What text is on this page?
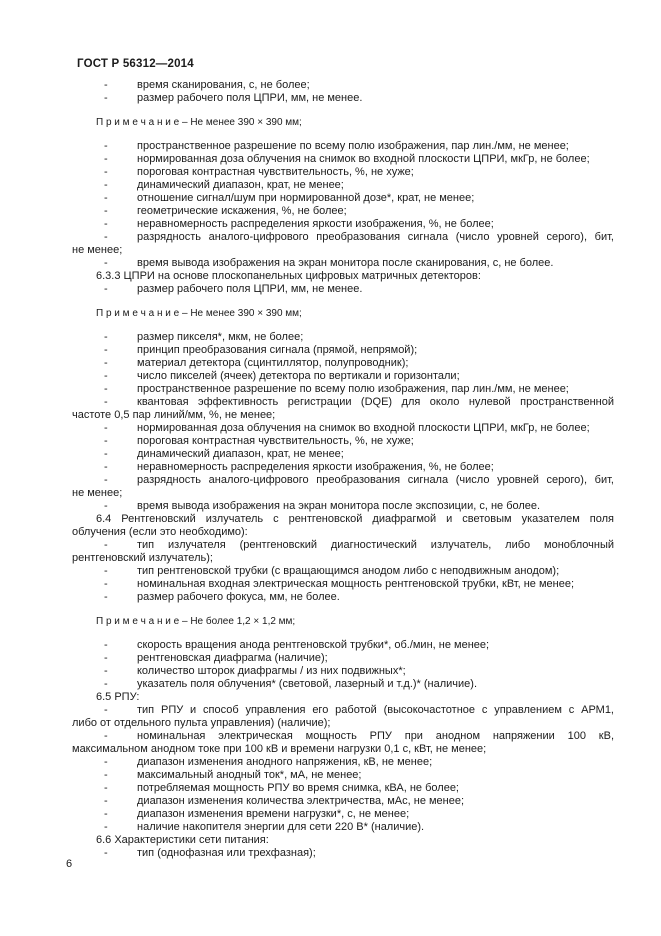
ГОСТ Р 56312—2014
-	время сканирования, с, не более;
-	размер рабочего поля ЦПРИ, мм, не менее.
П р и м е ч а н и е – Не менее 390 × 390 мм;
-	пространственное разрешение по всему полю изображения, пар лин./мм, не менее;
-	нормированная доза облучения на снимок во входной плоскости ЦПРИ, мкГр, не более;
-	пороговая контрастная чувствительность, %, не хуже;
-	динамический диапазон, крат, не менее;
-	отношение сигнал/шум при нормированной дозе*, крат, не менее;
-	геометрические искажения, %, не более;
-	неравномерность распределения яркости изображения, %, не более;
-	разрядность аналого-цифрового преобразования сигнала (число уровней серого), бит,
не менее;
-	время вывода изображения на экран монитора после сканирования, с, не более.
6.3.3 ЦПРИ на основе плоскопанельных цифровых матричных детекторов:
-	размер рабочего поля ЦПРИ, мм, не менее.
П р и м е ч а н и е – Не менее 390 × 390 мм;
-	размер пикселя*, мкм, не более;
-	принцип преобразования сигнала (прямой, непрямой);
-	материал детектора (сцинтиллятор, полупроводник);
-	число пикселей (ячеек) детектора по вертикали и горизонтали;
-	пространственное разрешение по всему полю изображения, пар лин./мм, не менее;
-	квантовая эффективность регистрации (DQE) для около нулевой пространственной
частоте 0,5 пар линий/мм, %, не менее;
-	нормированная доза облучения на снимок во входной плоскости ЦПРИ, мкГр, не более;
-	пороговая контрастная чувствительность, %, не хуже;
-	динамический диапазон, крат, не менее;
-	неравномерность распределения яркости изображения, %, не более;
-	разрядность аналого-цифрового преобразования сигнала (число уровней серого), бит,
не менее;
-	время вывода изображения на экран монитора после экспозиции, с, не более.
6.4 Рентгеновский излучатель с рентгеновской диафрагмой и световым указателем поля
облучения (если это необходимо):
-	тип излучателя (рентгеновский диагностический излучатель, либо моноблочный
рентгеновский излучатель);
-	тип рентгеновской трубки (с вращающимся анодом либо с неподвижным анодом);
-	номинальная входная электрическая мощность рентгеновской трубки, кВт, не менее;
-	размер рабочего фокуса, мм, не более.
П р и м е ч а н и е – Не более 1,2 × 1,2 мм;
-	скорость вращения анода рентгеновской трубки*, об./мин, не менее;
-	рентгеновская диафрагма (наличие);
-	количество шторок диафрагмы / из них подвижных*;
-	указатель поля облучения* (световой, лазерный и т.д.)* (наличие).
6.5 РПУ:
-	тип РПУ и способ управления его работой (высокочастотное с управлением с АРМ1,
либо от отдельного пульта управления) (наличие);
-	номинальная электрическая мощность РПУ при анодном напряжении 100 кВ,
максимальном анодном токе при 100 кВ и времени нагрузки 0,1 с, кВт, не менее;
-	диапазон изменения анодного напряжения, кВ, не менее;
-	максимальный анодный ток*, мА, не менее;
-	потребляемая мощность РПУ во время снимка, кВА, не более;
-	диапазон изменения количества электричества, мАс, не менее;
-	диапазон изменения времени нагрузки*, с, не менее;
-	наличие накопителя энергии для сети 220 В* (наличие).
6.6 Характеристики сети питания:
-	тип (однофазная или трехфазная);
6
